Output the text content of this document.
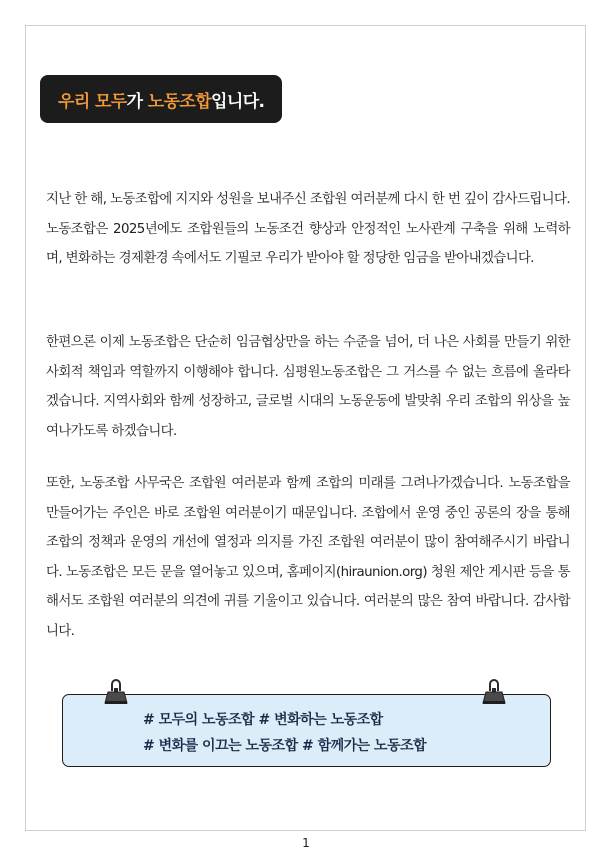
우리 모두가 노동조합입니다.

지난 한 해, 노동조합에 지지와 성원을 보내주신 조합원 여러분께 다시 한 번 깊이 감사드립니다. 노동조합은 2025년에도 조합원들의 노동조건 향상과 안정적인 노사관계 구축을 위해 노력하며, 변화하는 경제환경 속에서도 기필코 우리가 받아야 할 정당한 임금을 받아내겠습니다.

한편으론 이제 노동조합은 단순히 임금협상만을 하는 수준을 넘어, 더 나은 사회를 만들기 위한 사회적 책임과 역할까지 이행해야 합니다. 심평원노동조합은 그 거스를 수 없는 흐름에 올라타겠습니다. 지역사회와 함께 성장하고, 글로벌 시대의 노동운동에 발맞춰 우리 조합의 위상을 높여나가도록 하겠습니다.

또한, 노동조합 사무국은 조합원 여러분과 함께 조합의 미래를 그려나가겠습니다. 노동조합을 만들어가는 주인은 바로 조합원 여러분이기 때문입니다. 조합에서 운영 중인 공론의 장을 통해 조합의 정책과 운영의 개선에 열정과 의지를 가진 조합원 여러분이 많이 참여해주시기 바랍니다. 노동조합은 모든 문을 열어놓고 있으며, 홈페이지(hiraunion.org) 청원 제안 게시판 등을 통해서도 조합원 여러분의 의견에 귀를 기울이고 있습니다. 여러분의 많은 참여 바랍니다. 감사합니다.

# 모두의 노동조합 # 변화하는 노동조합
# 변화를 이끄는 노동조합 # 함께가는 노동조합
1
